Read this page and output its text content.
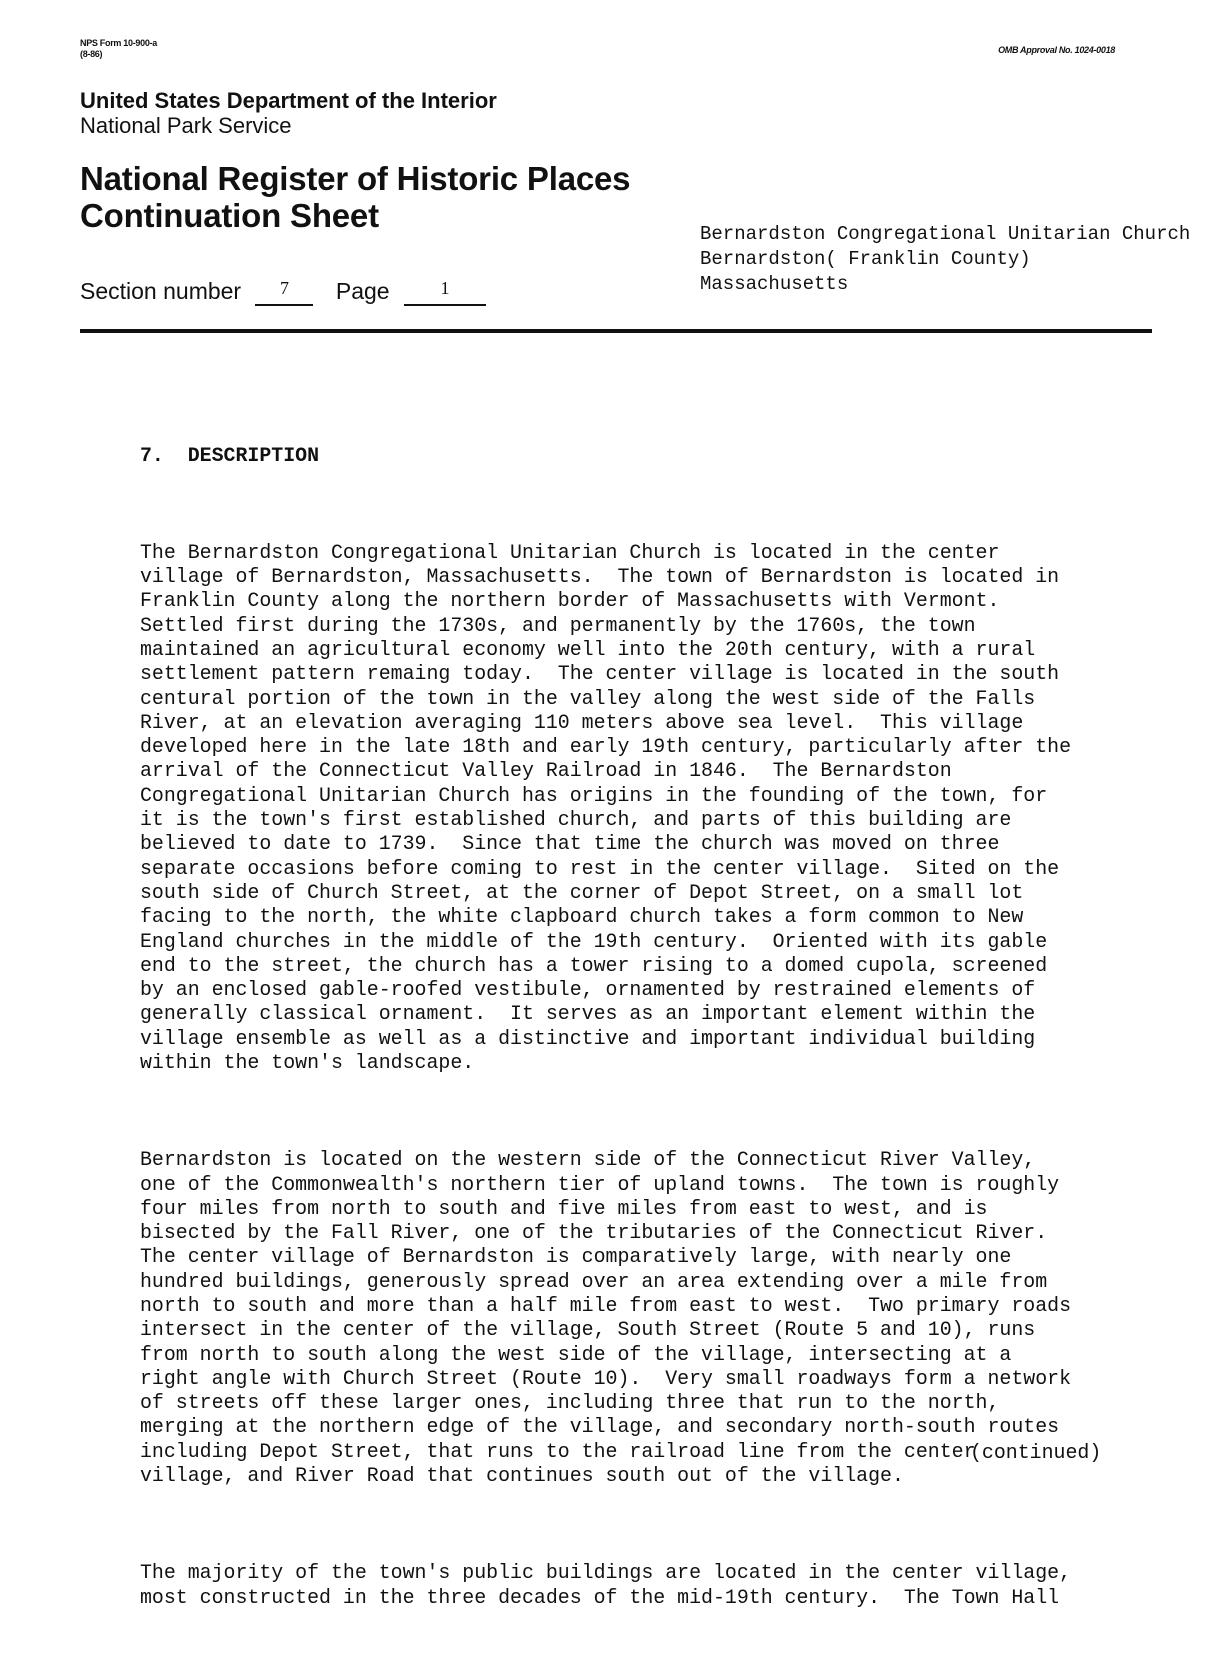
NPS Form 10-900-a
(8-86)	OMB Approval No. 1024-0018
United States Department of the Interior
National Park Service
National Register of Historic Places
Continuation Sheet	Bernardston Congregational Unitarian Church
Bernardston( Franklin County)
Massachusetts
Section number 7 Page	1

7.  DESCRIPTION

The Bernardston Congregational Unitarian Church is located in the center
village of Bernardston, Massachusetts.  The town of Bernardston is located in
Franklin County along the northern border of Massachusetts with Vermont.
Settled first during the 1730s, and permanently by the 1760s, the town
maintained an agricultural economy well into the 20th century, with a rural
settlement pattern remaing today.  The center village is located in the south
centural portion of the town in the valley along the west side of the Falls
River, at an elevation averaging 110 meters above sea level.  This village
developed here in the late 18th and early 19th century, particularly after the
arrival of the Connecticut Valley Railroad in 1846.  The Bernardston
Congregational Unitarian Church has origins in the founding of the town, for
it is the town's first established church, and parts of this building are
believed to date to 1739.  Since that time the church was moved on three
separate occasions before coming to rest in the center village.  Sited on the
south side of Church Street, at the corner of Depot Street, on a small lot
facing to the north, the white clapboard church takes a form common to New
England churches in the middle of the 19th century.  Oriented with its gable
end to the street, the church has a tower rising to a domed cupola, screened
by an enclosed gable-roofed vestibule, ornamented by restrained elements of
generally classical ornament.  It serves as an important element within the
village ensemble as well as a distinctive and important individual building
within the town's landscape.

Bernardston is located on the western side of the Connecticut River Valley,
one of the Commonwealth's northern tier of upland towns.  The town is roughly
four miles from north to south and five miles from east to west, and is
bisected by the Fall River, one of the tributaries of the Connecticut River.
The center village of Bernardston is comparatively large, with nearly one
hundred buildings, generously spread over an area extending over a mile from
north to south and more than a half mile from east to west.  Two primary roads
intersect in the center of the village, South Street (Route 5 and 10), runs
from north to south along the west side of the village, intersecting at a
right angle with Church Street (Route 10).  Very small roadways form a network
of streets off these larger ones, including three that run to the north,
merging at the northern edge of the village, and secondary north-south routes
including Depot Street, that runs to the railroad line from the center
village, and River Road that continues south out of the village.

The majority of the town's public buildings are located in the center village,
most constructed in the three decades of the mid-19th century.  The Town Hall

(continued)
